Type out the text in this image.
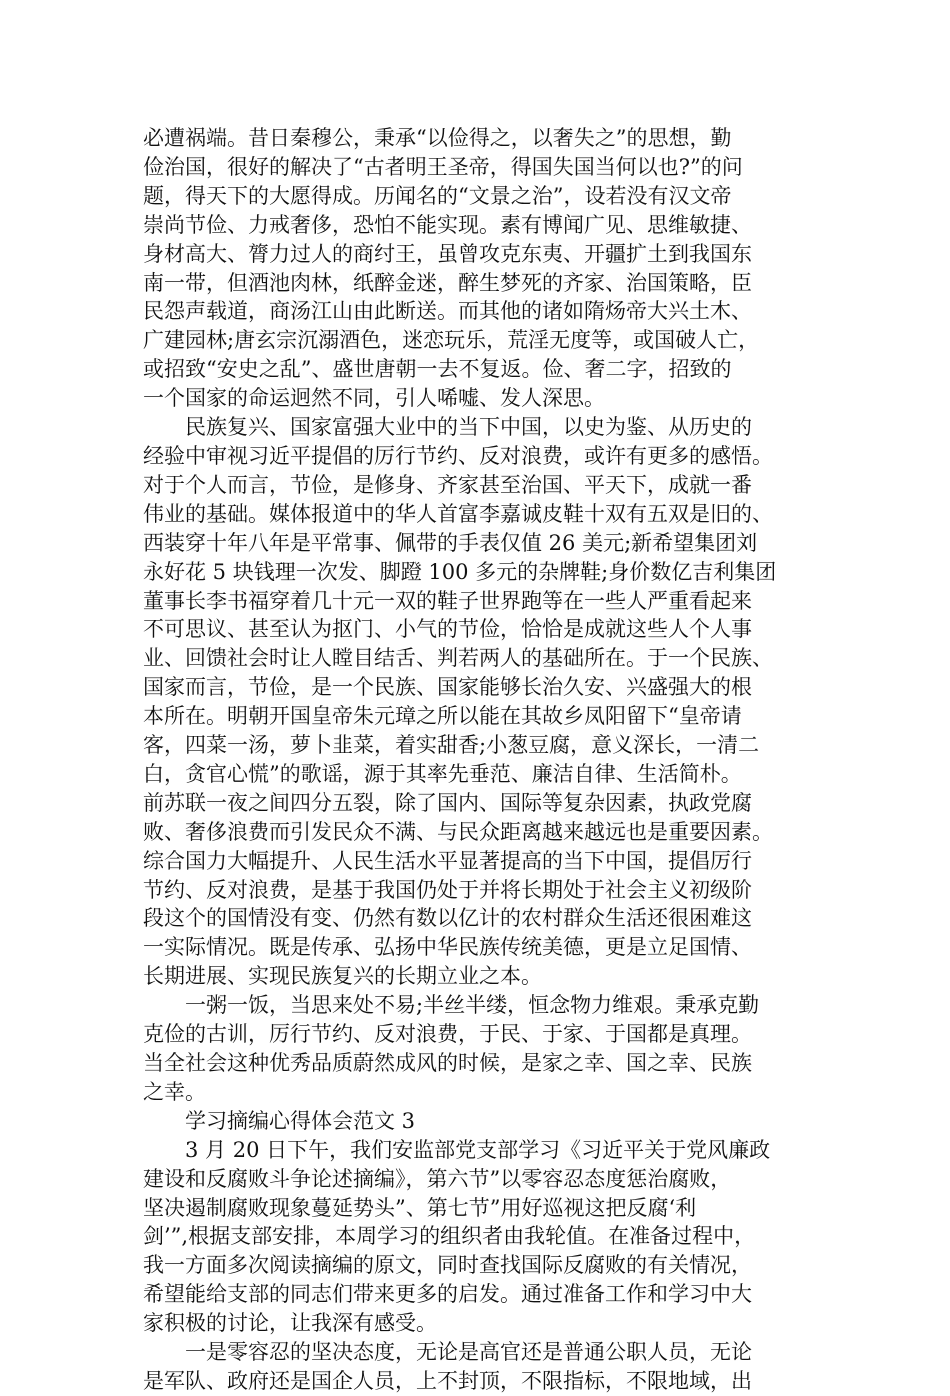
必遭祸端。昔日秦穆公，秉承“以俭得之，以奢失之”的思想，勤

俭治国，很好的解决了“古者明王圣帝，得国失国当何以也?”的问

题，得天下的大愿得成。历闻名的“文景之治”，设若没有汉文帝

崇尚节俭、力戒奢侈，恐怕不能实现。素有博闻广见、思维敏捷、

身材高大、膂力过人的商纣王，虽曾攻克东夷、开疆扩土到我国东

南一带，但酒池肉林，纸醉金迷，醉生梦死的齐家、治国策略，臣

民怨声载道，商汤江山由此断送。而其他的诸如隋炀帝大兴土木、

广建园林;唐玄宗沉溺酒色，迷恋玩乐，荒淫无度等，或国破人亡，

或招致“安史之乱”、盛世唐朝一去不复返。俭、奢二字，招致的

一个国家的命运迥然不同，引人唏嘘、发人深思。

民族复兴、国家富强大业中的当下中国，以史为鉴、从历史的

经验中审视习近平提倡的厉行节约、反对浪费，或许有更多的感悟。

对于个人而言，节俭，是修身、齐家甚至治国、平天下，成就一番

伟业的基础。媒体报道中的华人首富李嘉诚皮鞋十双有五双是旧的、

西装穿十年八年是平常事、佩带的手表仅值 26 美元;新希望集团刘

永好花 5 块钱理一次发、脚蹬 100 多元的杂牌鞋;身价数亿吉利集团

董事长李书福穿着几十元一双的鞋子世界跑等在一些人严重看起来

不可思议、甚至认为抠门、小气的节俭，恰恰是成就这些人个人事

业、回馈社会时让人瞠目结舌、判若两人的基础所在。于一个民族、

国家而言，节俭，是一个民族、国家能够长治久安、兴盛强大的根

本所在。明朝开国皇帝朱元璋之所以能在其故乡凤阳留下“皇帝请

客，四菜一汤，萝卜韭菜，着实甜香;小葱豆腐，意义深长，一清二

白，贪官心慌”的歌谣，源于其率先垂范、廉洁自律、生活简朴。

前苏联一夜之间四分五裂，除了国内、国际等复杂因素，执政党腐

败、奢侈浪费而引发民众不满、与民众距离越来越远也是重要因素。

综合国力大幅提升、人民生活水平显著提高的当下中国，提倡厉行

节约、反对浪费，是基于我国仍处于并将长期处于社会主义初级阶

段这个的国情没有变、仍然有数以亿计的农村群众生活还很困难这

一实际情况。既是传承、弘扬中华民族传统美德，更是立足国情、

长期进展、实现民族复兴的长期立业之本。

一粥一饭，当思来处不易;半丝半缕，恒念物力维艰。秉承克勤

克俭的古训，厉行节约、反对浪费，于民、于家、于国都是真理。

当全社会这种优秀品质蔚然成风的时候，是家之幸、国之幸、民族

之幸。

学习摘编心得体会范文 3

3 月 20 日下午，我们安监部党支部学习《习近平关于党风廉政

建设和反腐败斗争论述摘编》，第六节”以零容忍态度惩治腐败，

坚决遏制腐败现象蔓延势头”、第七节”用好巡视这把反腐‘利

剑’”,根据支部安排，本周学习的组织者由我轮值。在准备过程中，

我一方面多次阅读摘编的原文，同时查找国际反腐败的有关情况，

希望能给支部的同志们带来更多的启发。通过准备工作和学习中大

家积极的讨论，让我深有感受。

一是零容忍的坚决态度，无论是高官还是普通公职人员，无论

是军队、政府还是国企人员，上不封顶，不限指标，不限地域，出
